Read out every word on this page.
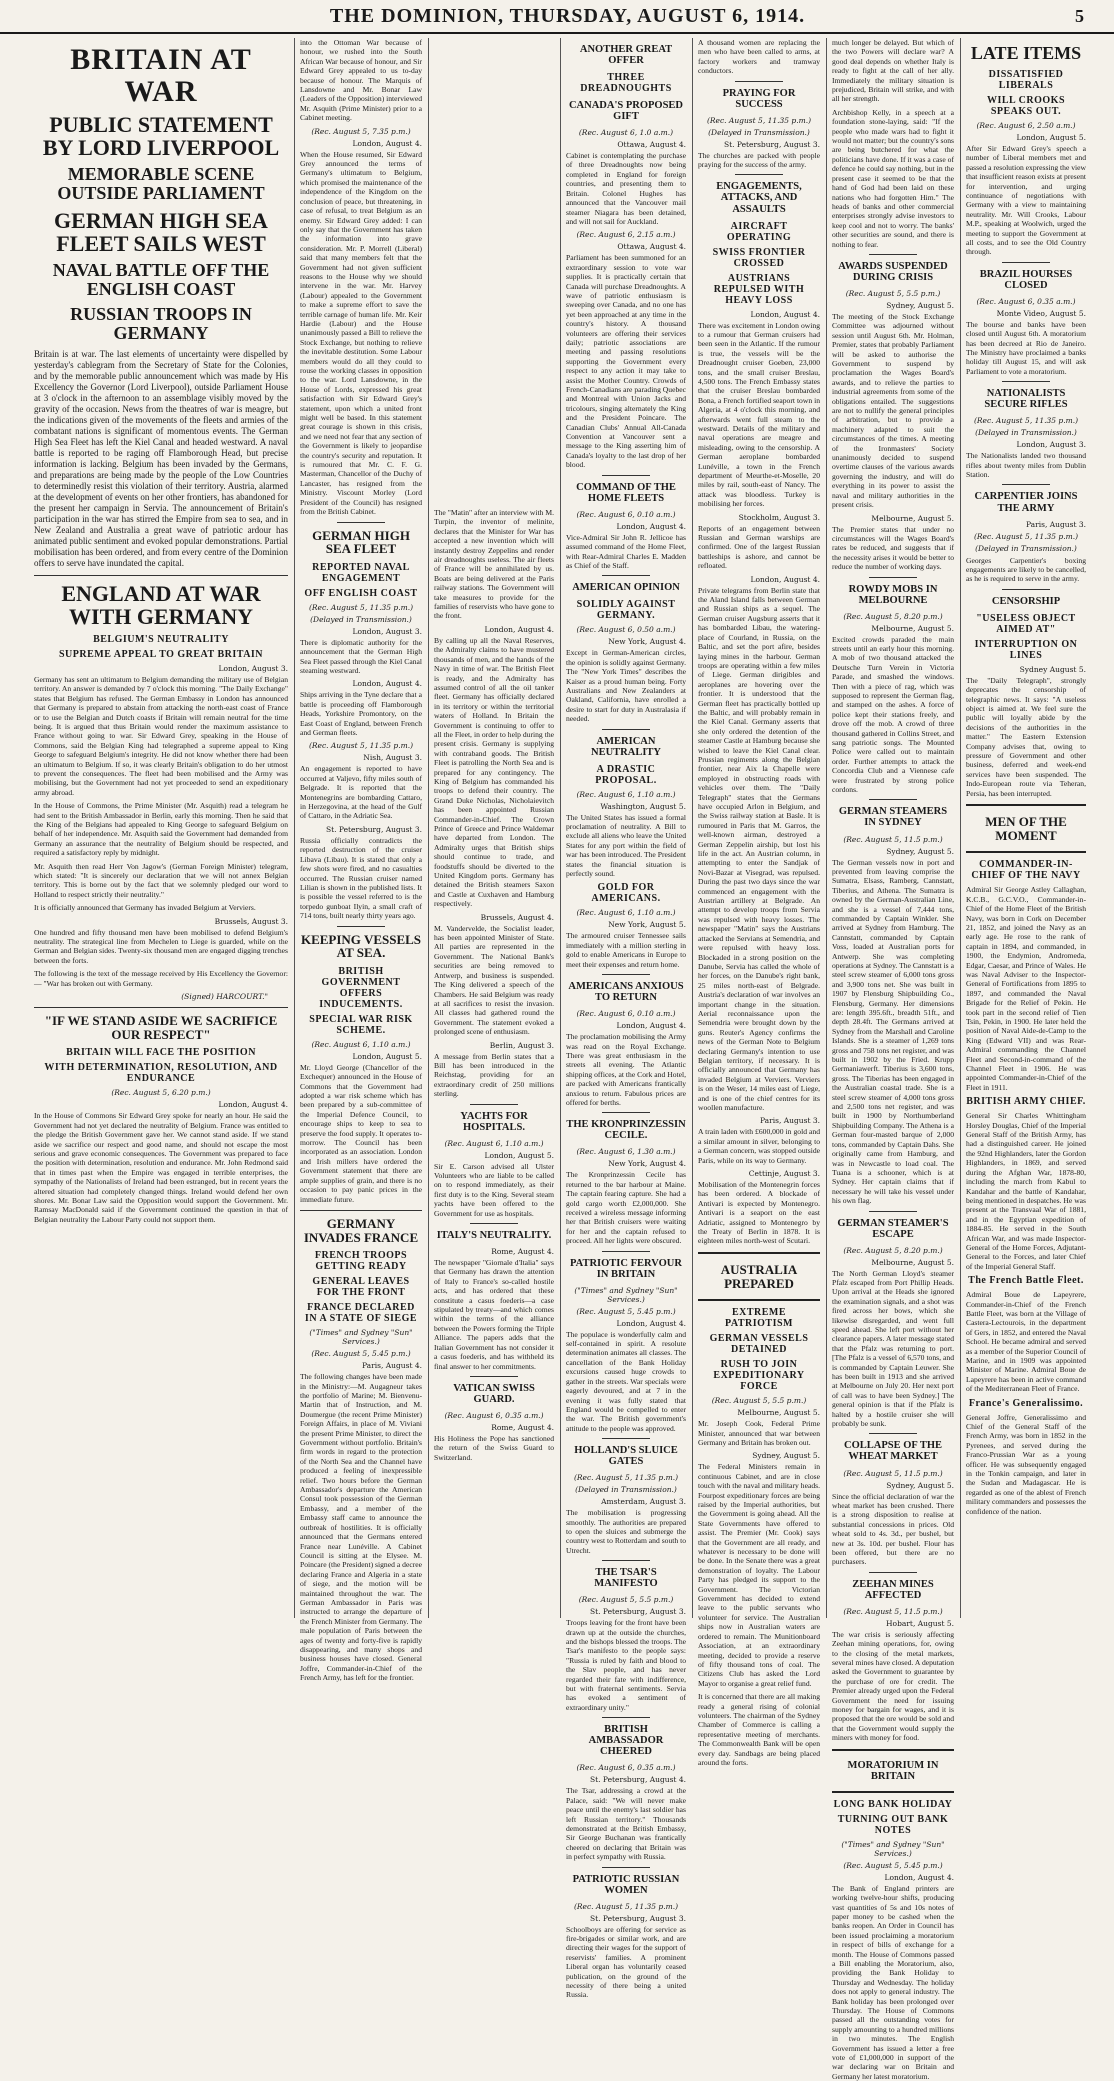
THE DOMINION, THURSDAY, AUGUST 6, 1914.	5
BRITAIN AT WAR
PUBLIC STATEMENT BY LORD LIVERPOOL
MEMORABLE SCENE OUTSIDE PARLIAMENT
GERMAN HIGH SEA FLEET SAILS WEST
NAVAL BATTLE OFF THE ENGLISH COAST
RUSSIAN TROOPS IN GERMANY
Britain is at war. The last elements of uncertainty were dispelled by yesterday's cablegram from the Secretary of State for the Colonies, and by the memorable public announcement which was made by His Excellency the Governor (Lord Liverpool), outside Parliament House at 3 o'clock in the afternoon to an assemblage visibly moved by the gravity of the occasion. News from the theatres of war is meagre, but the indications given of the movements of the fleets and armies of the combatant nations is significant of momentous events. The German High Sea Fleet has left the Kiel Canal and headed westward. A naval battle is reported to be raging off Flamborough Head, but precise information is lacking. Belgium has been invaded by the Germans, and preparations are being made by the people of the Low Countries to determinedly resist this violation of their territory. Austria, alarmed at the development of events on her other frontiers, has abandoned for the present her campaign in Servia. The announcement of Britain's participation in the war has stirred the Empire from sea to sea, and in New Zealand and Australia a great wave of patriotic ardour has animated public sentiment and evoked popular demonstrations. Partial mobilisation has been ordered, and from every centre of the Dominion offers to serve have inundated the capital.
ENGLAND AT WAR WITH GERMANY
BELGIUM'S NEUTRALITY
SUPREME APPEAL TO GREAT BRITAIN
London, August 3.
Germany has sent an ultimatum to Belgium demanding the military use of Belgian territory. An answer is demanded by 7 o'clock this morning. "The Daily Exchange" states that Belgium has refused. The German Embassy in London has announced that Germany is prepared to abstain from attacking the north-east coast of France or to use the Belgian and Dutch coasts if Britain will remain neutral for the time being. It is argued that thus Britain would render the maximum assistance to France without going to war. Sir Edward Grey, speaking in the House of Commons, said the Belgian King had telegraphed a supreme appeal to King George to safeguard Belgium's integrity. He did not know whether there had been an ultimatum to Belgium. If so, it was clearly Britain's obligation to do her utmost to prevent the consequences. The fleet had been mobilised and the Army was mobilising, but the Government had not yet proceeded to send an expeditionary army abroad.
In the House of Commons, the Prime Minister (Mr. Asquith) read a telegram he had sent to the British Ambassador in Berlin, early this morning. Then he said that the King of the Belgians had appealed to King George to safeguard Belgium on behalf of her independence. Mr. Asquith said the Government had demanded from Germany an assurance that the neutrality of Belgium should be respected, and required a satisfactory reply by midnight.
Mr. Asquith then read Herr Von Jagow's (German Foreign Minister) telegram, which stated: "It is sincerely our declaration that we will not annex Belgian territory. This is borne out by the fact that we solemnly pledged our word to Holland to respect strictly their neutrality."
It is officially announced that Germany has invaded Belgium at Verviers.
Brussels, August 3.
One hundred and fifty thousand men have been mobilised to defend Belgium's neutrality. The strategical line from Mechelen to Liege is guarded, while on the German and Belgian sides. Twenty-six thousand men are engaged digging trenches between the forts.
The following is the text of the message received by His Excellency the Governor:— "War has broken out with Germany.
(Signed) HARCOURT."
"IF WE STAND ASIDE WE SACRIFICE OUR RESPECT"
BRITAIN WILL FACE THE POSITION
WITH DETERMINATION, RESOLUTION, AND ENDURANCE
(Rec. August 5, 6.20 p.m.)
London, August 4.
In the House of Commons Sir Edward Grey spoke for nearly an hour. He said the Government had not yet declared the neutrality of Belgium. France was entitled to the pledge the British Government gave her. We cannot stand aside. If we stand aside we sacrifice our respect and good name, and should not escape the most serious and grave economic consequences. The Government was prepared to face the position with determination, resolution and endurance. Mr. John Redmond said that in times past when the Empire was engaged in terrible enterprises, the sympathy of the Nationalists of Ireland had been estranged, but in recent years the altered situation had completely changed things. Ireland would defend her own shores. Mr. Bonar Law said the Opposition would support the Government. Mr. Ramsay MacDonald said if the Government continued the question in that of Belgian neutrality the Labour Party could not support them.
into the Ottoman War because of honour, we rushed into the South African War because of honour, and Sir Edward Grey appealed to us to-day because of honour. The Marquis of Lansdowne and Mr. Bonar Law (Leaders of the Opposition) interviewed Mr. Asquith (Prime Minister) prior to a Cabinet meeting.
(Rec. August 5, 7.35 p.m.)
London, August 4.
When the House resumed, Sir Edward Grey announced the terms of Germany's ultimatum to Belgium, which promised the maintenance of the independence of the Kingdom on the conclusion of peace, but threatening, in case of refusal, to treat Belgium as an enemy. Sir Edward Grey added: I can only say that the Government has taken the information into grave consideration. Mr. P. Morrell (Liberal) said that many members felt that the Government had not given sufficient reasons to the House why we should intervene in the war. Mr. Harvey (Labour) appealed to the Government to make a supreme effort to save the terrible carnage of human life. Mr. Keir Hardie (Labour) and the House unanimously passed a Bill to relieve the Stock Exchange, but nothing to relieve the inevitable destitution. Some Labour members would do all they could to rouse the working classes in opposition to the war. Lord Lansdowne, in the House of Lords, expressed his great satisfaction with Sir Edward Grey's statement, upon which a united front might well be based. In this statement great courage is shown in this crisis, and we need not fear that any section of the Government is likely to jeopardise the country's security and reputation. It is rumoured that Mr. C. F. G. Masterman, Chancellor of the Duchy of Lancaster, has resigned from the Ministry. Viscount Morley (Lord President of the Council) has resigned from the British Cabinet.
GERMAN HIGH SEA FLEET
REPORTED NAVAL ENGAGEMENT
OFF ENGLISH COAST
(Rec. August 5, 11.35 p.m.)
(Delayed in Transmission.)
London, August 3.
There is diplomatic authority for the announcement that the German High Sea Fleet passed through the Kiel Canal steaming westward.
London, August 4.
Ships arriving in the Tyne declare that a battle is proceeding off Flamborough Heads, Yorkshire Promontory, on the East Coast of England, between French and German fleets.
(Rec. August 5, 11.35 p.m.)
Nish, August 3.
An engagement is reported to have occurred at Valjevo, fifty miles south of Belgrade. It is reported that the Montenegrins are bombarding Cattaro, in Herzegovina, at the head of the Gulf of Cattaro, in the Adriatic Sea.
St. Petersburg, August 3.
Russia officially contradicts the reported destruction of the cruiser Libava (Libau). It is stated that only a few shots were fired, and no casualties occurred. The Russian cruiser named Lilian is shown in the published lists. It is possible the vessel referred to is the torpedo gunboat Ilyin, a small craft of 714 tons, built nearly thirty years ago.
KEEPING VESSELS AT SEA.
BRITISH GOVERNMENT OFFERS INDUCEMENTS.
SPECIAL WAR RISK SCHEME.
(Rec. August 6, 1.10 a.m.)
London, August 5.
Mr. Lloyd George (Chancellor of the Exchequer) announced in the House of Commons that the Government had adopted a war risk scheme which has been prepared by a sub-committee of the Imperial Defence Council, to encourage ships to keep to sea to preserve the food supply. It operates to-morrow. The Council has been incorporated as an association. London and Irish millers have ordered the Government statement that there are ample supplies of grain, and there is no occasion to pay panic prices in the immediate future.
GERMANY INVADES FRANCE
FRENCH TROOPS GETTING READY
GENERAL LEAVES FOR THE FRONT
FRANCE DECLARED IN A STATE OF SIEGE
("Times" and Sydney "Sun" Services.)
(Rec. August 5, 5.45 p.m.)
Paris, August 4.
The following changes have been made in the Ministry:—M. Augagneur takes the portfolio of Marine; M. Bienvenu-Martin that of Instruction, and M. Doumergue (the recent Prime Minister) Foreign Affairs, in place of M. Viviani the present Prime Minister, to direct the Government without portfolio. Britain's firm words in regard to the protection of the North Sea and the Channel have produced a feeling of inexpressible relief. Two hours before the German Ambassador's departure the American Consul took possession of the German Embassy, and a member of the Embassy staff came to announce the outbreak of hostilities. It is officially announced that the Germans entered France near Lunéville. A Cabinet Council is sitting at the Elysee. M. Poincare (the President) signed a decree declaring France and Algeria in a state of siege, and the motion will be maintained throughout the war. The German Ambassador in Paris was instructed to arrange the departure of the French Minister from Germany. The male population of Paris between the ages of twenty and forty-five is rapidly disappearing, and many shops and business houses have closed. General Joffre, Commander-in-Chief of the French Army, has left for the frontier.
The "Matin" after an interview with M. Turpin, the inventor of melinite, declares that the Minister for War has accepted a new invention which will instantly destroy Zeppelins and render air dreadnoughts useless. The air fleets of France will be annihilated by us. Boats are being delivered at the Paris railway stations. The Government will take measures to provide for the families of reservists who have gone to the front.
London, August 4.
By calling up all the Naval Reserves, the Admiralty claims to have mustered thousands of men, and the hands of the Navy in time of war. The British Fleet is ready, and the Admiralty has assumed control of all the oil tanker fleet. Germany has officially declared in its territory or within the territorial waters of Holland. In Britain the Government is continuing to offer to all the Fleet, in order to help during the present crisis. Germany is supplying with contraband goods. The British Fleet is patrolling the North Sea and is prepared for any contingency. The King of Belgium has commanded his troops to defend their country. The Grand Duke Nicholas, Nicholaievitch has been appointed Russian Commander-in-Chief. The Crown Prince of Greece and Prince Waldemar have departed from London. The Admiralty urges that British ships should continue to trade, and foodstuffs should be diverted to the United Kingdom ports. Germany has detained the British steamers Saxon and Castle at Cuxhaven and Hamburg respectively.
Brussels, August 4.
M. Vandervelde, the Socialist leader, has been appointed Minister of State. All parties are represented in the Government. The National Bank's securities are being removed to Antwerp, and business is suspended. The King delivered a speech of the Chambers. He said Belgium was ready at all sacrifices to resist the invasion. All classes had gathered round the Government. The statement evoked a prolonged scene of enthusiasm.
Berlin, August 3.
A message from Berlin states that a Bill has been introduced in the Reichstag, providing for an extraordinary credit of 250 millions sterling.
YACHTS FOR HOSPITALS.
(Rec. August 6, 1.10 a.m.)
London, August 5.
Sir E. Carson advised all Ulster Volunteers who are liable to be called on to respond immediately, as their first duty is to the King. Several steam yachts have been offered to the Government for use as hospitals.
ITALY'S NEUTRALITY.
Rome, August 4.
The newspaper "Giornale d'Italia" says that Germany has drawn the attention of Italy to France's so-called hostile acts, and has ordered that these constitute a casus foederis—a case stipulated by treaty—and which comes within the terms of the alliance between the Powers forming the Triple Alliance. The papers adds that the Italian Government has not consider it a casus foederis, and has withheld its final answer to her commitments.
VATICAN SWISS GUARD.
(Rec. August 6, 0.35 a.m.)
Rome, August 4.
His Holiness the Pope has sanctioned the return of the Swiss Guard to Switzerland.
ANOTHER GREAT OFFER
THREE DREADNOUGHTS
CANADA'S PROPOSED GIFT
(Rec. August 6, 1.0 a.m.)
Ottawa, August 4.
Cabinet is contemplating the purchase of three Dreadnoughts now being completed in England for foreign countries, and presenting them to Britain. Colonel Hughes has announced that the Vancouver mail steamer Niagara has been detained, and will not sail for Auckland.
(Rec. August 6, 2.15 a.m.)
Ottawa, August 4.
Parliament has been summoned for an extraordinary session to vote war supplies. It is practically certain that Canada will purchase Dreadnoughts. A wave of patriotic enthusiasm is sweeping over Canada, and no one has yet been approached at any time in the country's history. A thousand volunteers are offering their services daily; patriotic associations are meeting and passing resolutions supporting the Government every respect to any action it may take to assist the Mother Country. Crowds of French-Canadians are parading Quebec and Montreal with Union Jacks and tricolours, singing alternately the King and the President Poincare. The Canadian Clubs' Annual All-Canada Convention at Vancouver sent a message to the King asserting him of Canada's loyalty to the last drop of her blood.
COMMAND OF THE HOME FLEETS
(Rec. August 6, 0.10 a.m.)
London, August 4.
Vice-Admiral Sir John R. Jellicoe has assumed command of the Home Fleet, with Rear-Admiral Charles E. Madden as Chief of the Staff.
AMERICAN OPINION
SOLIDLY AGAINST GERMANY.
(Rec. August 6, 0.50 a.m.)
New York, August 4.
Except in German-American circles, the opinion is solidly against Germany. The "New York Times" describes the Kaiser as a proud human being. Forty Australians and New Zealanders at Oakland, California, have enrolled a desire to start for duty in Australasia if needed.
AMERICAN NEUTRALITY
A DRASTIC PROPOSAL.
(Rec. August 6, 1.10 a.m.)
Washington, August 5.
The United States has issued a formal proclamation of neutrality. A Bill to exclude all aliens who leave the United States for any port within the field of war has been introduced. The President states the financial situation is perfectly sound.
GOLD FOR AMERICANS.
(Rec. August 6, 1.10 a.m.)
New York, August 5.
The armoured cruiser Tennessee sails immediately with a million sterling in gold to enable Americans in Europe to meet their expenses and return home.
AMERICANS ANXIOUS TO RETURN
(Rec. August 6, 0.10 a.m.)
London, August 4.
The proclamation mobilising the Army was read on the Royal Exchange. There was great enthusiasm in the streets all evening. The Atlantic shipping offices, at the Cork and Hotel, are packed with Americans frantically anxious to return. Fabulous prices are offered for berths.
THE KRONPRINZESSIN CECILE.
(Rec. August 6, 1.30 a.m.)
New York, August 4.
The Kronprinzessin Cecile has returned to the bar harbour at Maine. The captain fearing capture. She had a gold cargo worth £2,000,000. She received a wireless message informing her that British cruisers were waiting for her and the captain refused to proceed. All her lights were obscured.
PATRIOTIC FERVOUR IN BRITAIN
("Times" and Sydney "Sun" Services.)
(Rec. August 5, 5.45 p.m.)
London, August 4.
The populace is wonderfully calm and self-contained in spirit. A resolute determination animates all classes. The cancellation of the Bank Holiday excursions caused huge crowds to gather in the streets. War specials were eagerly devoured, and at 7 in the evening it was fully stated that England would be compelled to enter the war. The British government's attitude to the people was approved.
HOLLAND'S SLUICE GATES
(Rec. August 5, 11.35 p.m.)
(Delayed in Transmission.)
Amsterdam, August 3.
The mobilisation is progressing smoothly. The authorities are prepared to open the sluices and submerge the country west to Rotterdam and south to Utrecht.
THE TSAR'S MANIFESTO
(Rec. August 5, 5.5 p.m.)
St. Petersburg, August 3.
Troops leaving for the front have been drawn up at the outside the churches, and the bishops blessed the troops. The Tsar's manifesto to the people says: "Russia is ruled by faith and blood to the Slav people, and has never regarded their fate with indifference, but with fraternal sentiments. Servia has evoked a sentiment of extraordinary unity."
BRITISH AMBASSADOR CHEERED
(Rec. August 6, 0.35 a.m.)
St. Petersburg, August 4.
The Tsar, addressing a crowd at the Palace, said: "We will never make peace until the enemy's last soldier has left Russian territory." Thousands demonstrated at the British Embassy, Sir George Buchanan was frantically cheered on declaring that Britain was in perfect sympathy with Russia.
PATRIOTIC RUSSIAN WOMEN
(Rec. August 5, 11.35 p.m.)
St. Petersburg, August 3.
Schoolboys are offering for service as fire-brigades or similar work, and are directing their wages for the support of reservists' families. A prominent Liberal organ has voluntarily ceased publication, on the ground of the necessity of there being a united Russia.
A thousand women are replacing the men who have been called to arms, at factory workers and tramway conductors.
PRAYING FOR SUCCESS
(Rec. August 5, 11.35 p.m.)
(Delayed in Transmission.)
St. Petersburg, August 3.
The churches are packed with people praying for the success of the army.
ENGAGEMENTS, ATTACKS, AND ASSAULTS
AIRCRAFT OPERATING
SWISS FRONTIER CROSSED
AUSTRIANS REPULSED WITH HEAVY LOSS
London, August 4.
There was excitement in London owing to a rumour that German cruisers had been seen in the Atlantic. If the rumour is true, the vessels will be the Dreadnought cruiser Goeben, 23,000 tons, and the small cruiser Breslau, 4,500 tons. The French Embassy states that the cruiser Breslau bombarded Bona, a French fortified seaport town in Algeria, at 4 o'clock this morning, and afterwards went full steam to the westward. Details of the military and naval operations are meagre and misleading, owing to the censorship. A German aeroplane bombarded Lunéville, a town in the French department of Meurthe-et-Moselle, 20 miles by rail, south-east of Nancy. The attack was bloodless. Turkey is mobilising her forces.
Stockholm, August 3.
Reports of an engagement between Russian and German warships are confirmed. One of the largest Russian battleships is ashore, and cannot be refloated.
London, August 4.
Private telegrams from Berlin state that the Aland Island falls between German and Russian ships as a sequel. The German cruiser Augsburg asserts that it has bombarded Libau, the watering-place of Courland, in Russia, on the Baltic, and set the port afire, besides laying mines in the harbour. German troops are operating within a few miles of Liege. German dirigibles and aeroplanes are hovering over the frontier. It is understood that the German fleet has practically bottled up the Baltic, and will probably remain in the Kiel Canal. Germany asserts that she only ordered the detention of the steamer Castle at Hamburg because she wished to leave the Kiel Canal clear. Prussian regiments along the Belgian frontier, near Aix la Chapelle were employed in obstructing roads with vehicles over them. The "Daily Telegraph" states that the Germans have occupied Arlon in Belgium, and the Swiss railway station at Basle. It is rumoured in Paris that M. Garros, the well-known airman, destroyed a German Zeppelin airship, but lost his life in the act. An Austrian column, in attempting to enter the Sandjak of Novi-Bazar at Visegrad, was repulsed. During the past two days since the war commenced an engagement with the Austrian artillery at Belgrade. An attempt to develop troops from Servia was repulsed with heavy losses. The newspaper "Matin" says the Austrians attacked the Servians at Semendria, and were repulsed with heavy loss. Blockaded in a strong position on the Danube, Servia has called the whole of her forces, on the Danube's right bank, 25 miles north-east of Belgrade. Austria's declaration of war involves an important change in the situation. Aerial reconnaissance upon the Semendria were brought down by the guns. Reuter's Agency confirms the news of the German Note to Belgium declaring Germany's intention to use Belgian territory, if necessary. It is officially announced that Germany has invaded Belgium at Verviers. Verviers is on the Weser, 14 miles east of Liege, and is one of the chief centres for its woollen manufacture.
Paris, August 3.
A train laden with £600,000 in gold and a similar amount in silver, belonging to a German concern, was stopped outside Paris, while on its way to Germany.
Cettinje, August 3.
Mobilisation of the Montenegrin forces has been ordered. A blockade of Antivari is expected by Montenegro. Antivari is a seaport on the east Adriatic, assigned to Montenegro by the Treaty of Berlin in 1878. It is eighteen miles north-west of Scutari.
AUSTRALIA PREPARED
EXTREME PATRIOTISM
GERMAN VESSELS DETAINED
RUSH TO JOIN EXPEDITIONARY FORCE
(Rec. August 5, 5.5 p.m.)
Melbourne, August 5.
Mr. Joseph Cook, Federal Prime Minister, announced that war between Germany and Britain has broken out.
Sydney, August 5.
The Federal Ministers remain in continuous Cabinet, and are in close touch with the naval and military heads. Fourpost expeditionary forces are being raised by the Imperial authorities, but the Government is going ahead. All the State Governments have offered to assist. The Premier (Mr. Cook) says that the Government are all ready, and whatever is necessary to be done will be done. In the Senate there was a great demonstration of loyalty. The Labour Party has pledged its support to the Government. The Victorian Government has decided to extend leave to the public servants who volunteer for service. The Australian ships now in Australian waters are ordered to remain. The Munitionboard Association, at an extraordinary meeting, decided to provide a reserve of fifty thousand tons of coal. The Citizens Club has asked the Lord Mayor to organise a great relief fund.
It is concerned that there are all making ready a general rising of colonial volunteers. The chairman of the Sydney Chamber of Commerce is calling a representative meeting of merchants. The Commonwealth Bank will be open every day. Sandbags are being placed around the forts.
much longer be delayed. But which of the two Powers will declare war? A good deal depends on whether Italy is ready to fight at the call of her ally. Immediately the military situation is prejudiced, Britain will strike, and with all her strength.
Archbishop Kelly, in a speech at a foundation stone-laying, said: "If the people who made wars had to fight it would not matter; but the country's sons are being butchered for what the politicians have done. If it was a case of defence he could say nothing, but in the present case it seemed to be that the hand of God had been laid on these nations who had forgotten Him." The heads of banks and other commercial enterprises strongly advise investors to keep cool and not to worry. The banks' other securities are sound, and there is nothing to fear.
AWARDS SUSPENDED DURING CRISIS
(Rec. August 5, 5.5 p.m.)
Sydney, August 5.
The meeting of the Stock Exchange Committee was adjourned without session until August 6th. Mr. Holman, Premier, states that probably Parliament will be asked to authorise the Government to suspend by proclamation the Wages Board's awards, and to relieve the parties to industrial agreements from some of the obligations entailed. The suggestions are not to nullify the general principles of arbitration, but to provide a machinery adapted to suit the circumstances of the times. A meeting of the Ironmasters' Society unanimously decided to suspend overtime clauses of the various awards governing the industry, and will do everything in its power to assist the naval and military authorities in the present crisis.
Melbourne, August 5.
The Premier states that under no circumstances will the Wages Board's rates be reduced, and suggests that if the necessity arises it would be better to reduce the number of working days.
ROWDY MOBS IN MELBOURNE
(Rec. August 5, 8.20 p.m.)
Melbourne, August 5.
Excited crowds paraded the main streets until an early hour this morning. A mob of two thousand attacked the Deutsche Turn Verein in Victoria Parade, and smashed the windows. Then with a piece of rag, which was supposed to represent the German flag, and stamped on the ashes. A force of police kept their stations freely, and drove off the mob. A crowd of three thousand gathered in Collins Street, and sang patriotic songs. The Mounted Police were called out to maintain order. Further attempts to attack the Concordia Club and a Viennese cafe were frustrated by strong police cordons.
GERMAN STEAMERS IN SYDNEY
(Rec. August 5, 11.5 p.m.)
Sydney, August 5.
The German vessels now in port and prevented from leaving comprise the Sumatra, Elsass, Ramberg, Cannstatt, Tiberius, and Athena. The Sumatra is owned by the German-Australian Line, and she is a vessel of 7,444 tons, commanded by Captain Winkler. She arrived at Sydney from Hamburg. The Cannstatt, commanded by Captain Voss, loaded at Australian ports for Antwerp. She was completing operations at Sydney. The Cannstatt is a steel screw steamer of 6,000 tons gross and 3,900 tons net. She was built in 1907 by Flensburg Shipbuilding Co., Flensburg, Germany. Her dimensions are: length 395.6ft., breadth 51ft., and depth 28.4ft. The Germans arrived at Sydney from the Marshall and Caroline Islands. She is a steamer of 1,269 tons gross and 758 tons net register, and was built in 1902 by the Fried. Krupp Germaniawerft. Tiberius is 3,600 tons, gross. The Tiberias has been engaged in the Australian coastal trade. She is a steel screw steamer of 4,000 tons gross and 2,500 tons net register, and was built in 1900 by Northumberland Shipbuilding Company. The Athena is a German four-masted barque of 2,000 tons, commanded by Captain Dahs. She originally came from Hamburg, and was in Newcastle to load coal. The Tuana is a schooner, which is at Sydney. Her captain claims that if necessary he will take his vessel under his own flag.
GERMAN STEAMER'S ESCAPE
(Rec. August 5, 8.20 p.m.)
Melbourne, August 5.
The North German Lloyd's steamer Pfalz escaped from Port Phillip Heads. Upon arrival at the Heads she ignored the examination signals, and a shot was fired across her bows, which she likewise disregarded, and went full speed ahead. She left port without her clearance papers. A later message stated that the Pfalz was returning to port. [The Pfalz is a vessel of 6,570 tons, and is commanded by Captain Leuwer. She has been built in 1913 and she arrived at Melbourne on July 20. Her next port of call was to have been Sydney.] The general opinion is that if the Pfalz is halted by a hostile cruiser she will probably be sunk.
COLLAPSE OF THE WHEAT MARKET
(Rec. August 5, 11.5 p.m.)
Sydney, August 5.
Since the official declaration of war the wheat market has been crushed. There is a strong disposition to realise at substantial concessions in prices. Old wheat sold to 4s. 3d., per bushel, but new at 3s. 10d. per bushel. Flour has been offered, but there are no purchasers.
ZEEHAN MINES AFFECTED
(Rec. August 5, 11.5 p.m.)
Hobart, August 5.
The war crisis is seriously affecting Zeehan mining operations, for, owing to the closing of the metal markets, several mines have closed. A deputation asked the Government to guarantee by the purchase of ore for credit. The Premier already urged upon the Federal Government the need for issuing money for bargain for wages, and it is proposed that the ore would be sold and that the Government would supply the miners with money for food.
MORATORIUM IN BRITAIN
LONG BANK HOLIDAY
TURNING OUT BANK NOTES
("Times" and Sydney "Sun" Services.)
(Rec. August 5, 5.45 p.m.)
London, August 4.
The Bank of England printers are working twelve-hour shifts, producing vast quantities of 5s and 10s notes of paper money to be cashed when the banks reopen. An Order in Council has been issued proclaiming a moratorium in respect of bills of exchange for a month. The House of Commons passed a Bill enabling the Moratorium, also, providing the Bank Holiday to Thursday and Wednesday. The holiday does not apply to general industry. The Bank holiday has been prolonged over Thursday. The House of Commons passed all the outstanding votes for supply amounting to a hundred millions in two minutes. The English Government has issued a letter a free vote of £1,000,000 in support of the war declaring war on Britain and Germany her latest moratorium.
LATE ITEMS
DISSATISFIED LIBERALS
WILL CROOKS SPEAKS OUT.
(Rec. August 6, 2.50 a.m.)
London, August 5.
After Sir Edward Grey's speech a number of Liberal members met and passed a resolution expressing the view that insufficient reason exists at present for intervention, and urging continuance of negotiations with Germany with a view to maintaining neutrality. Mr. Will Crooks, Labour M.P., speaking at Woolwich, urged the meeting to support the Government at all costs, and to see the Old Country through.
BRAZIL HOURSES CLOSED
(Rec. August 6, 0.35 a.m.)
Monte Video, August 5.
The bourse and banks have been closed until August 6th. A moratorium has been decreed at Rio de Janeiro. The Ministry have proclaimed a banks holiday till August 15, and will ask Parliament to vote a moratorium.
NATIONALISTS SECURE RIFLES
(Rec. August 5, 11.35 p.m.)
(Delayed in Transmission.)
London, August 3.
The Nationalists landed two thousand rifles about twenty miles from Dublin Station.
CARPENTIER JOINS THE ARMY
Paris, August 3.
(Rec. August 5, 11.35 p.m.)
(Delayed in Transmission.)
Georges Carpentier's boxing engagements are likely to be cancelled, as he is required to serve in the army.
CENSORSHIP
"USELESS OBJECT AIMED AT"
INTERRUPTION ON LINES
Sydney August 5.
The "Daily Telegraph", strongly deprecates the censorship of telegraphic news. It says: "A useless object is aimed at. We feel sure the public will loyally abide by the decisions of the authorities in the matter." The Eastern Extension Company advises that, owing to pressure of Government and other business, deferred and week-end services have been suspended. The Indo-European route via Teheran, Persia, has been interrupted.
MEN OF THE MOMENT
COMMANDER-IN-CHIEF OF THE NAVY
Admiral Sir George Astley Callaghan, K.C.B., G.C.V.O., Commander-in-Chief of the Home Fleet of the British Navy, was born in Cork on December 21, 1852, and joined the Navy as an early age. He rose to the rank of captain in 1894, and commanded, in 1900, the Endymion, Andromeda, Edgar, Caesar, and Prince of Wales. He was Naval Adviser to the Inspector-General of Fortifications from 1895 to 1897, and commanded the Naval Brigade for the Relief of Pekin. He took part in the second relief of Tien Tsin, Pekin, in 1900. He later held the position of Naval Aide-de-Camp to the King (Edward VII) and was Rear-Admiral commanding the Channel Fleet and Second-in-command of the Channel Fleet in 1906. He was appointed Commander-in-Chief of the Fleet in 1911.
BRITISH ARMY CHIEF.
General Sir Charles Whittingham Horsley Douglas, Chief of the Imperial General Staff of the British Army, has had a distinguished career. He joined the 92nd Highlanders, later the Gordon Highlanders, in 1869, and served during the Afghan War, 1878-80, including the march from Kabul to Kandahar and the battle of Kandahar, being mentioned in despatches. He was present at the Transvaal War of 1881, and in the Egyptian expedition of 1884-85. He served in the South African War, and was made Inspector-General of the Home Forces, Adjutant-General to the Forces, and later Chief of the Imperial General Staff.
The French Battle Fleet.
Admiral Boue de Lapeyrere, Commander-in-Chief of the French Battle Fleet, was born at the Village of Castera-Lectourois, in the department of Gers, in 1852, and entered the Naval School. He became admiral and served as a member of the Superior Council of Marine, and in 1909 was appointed Minister of Marine. Admiral Boue de Lapeyrere has been in active command of the Mediterranean Fleet of France.
France's Generalissimo.
General Joffre, Generalissimo and Chief of the General Staff of the French Army, was born in 1852 in the Pyrenees, and served during the Franco-Prussian War as a young officer. He was subsequently engaged in the Tonkin campaign, and later in the Sudan and Madagascar. He is regarded as one of the ablest of French military commanders and possesses the confidence of the nation.
